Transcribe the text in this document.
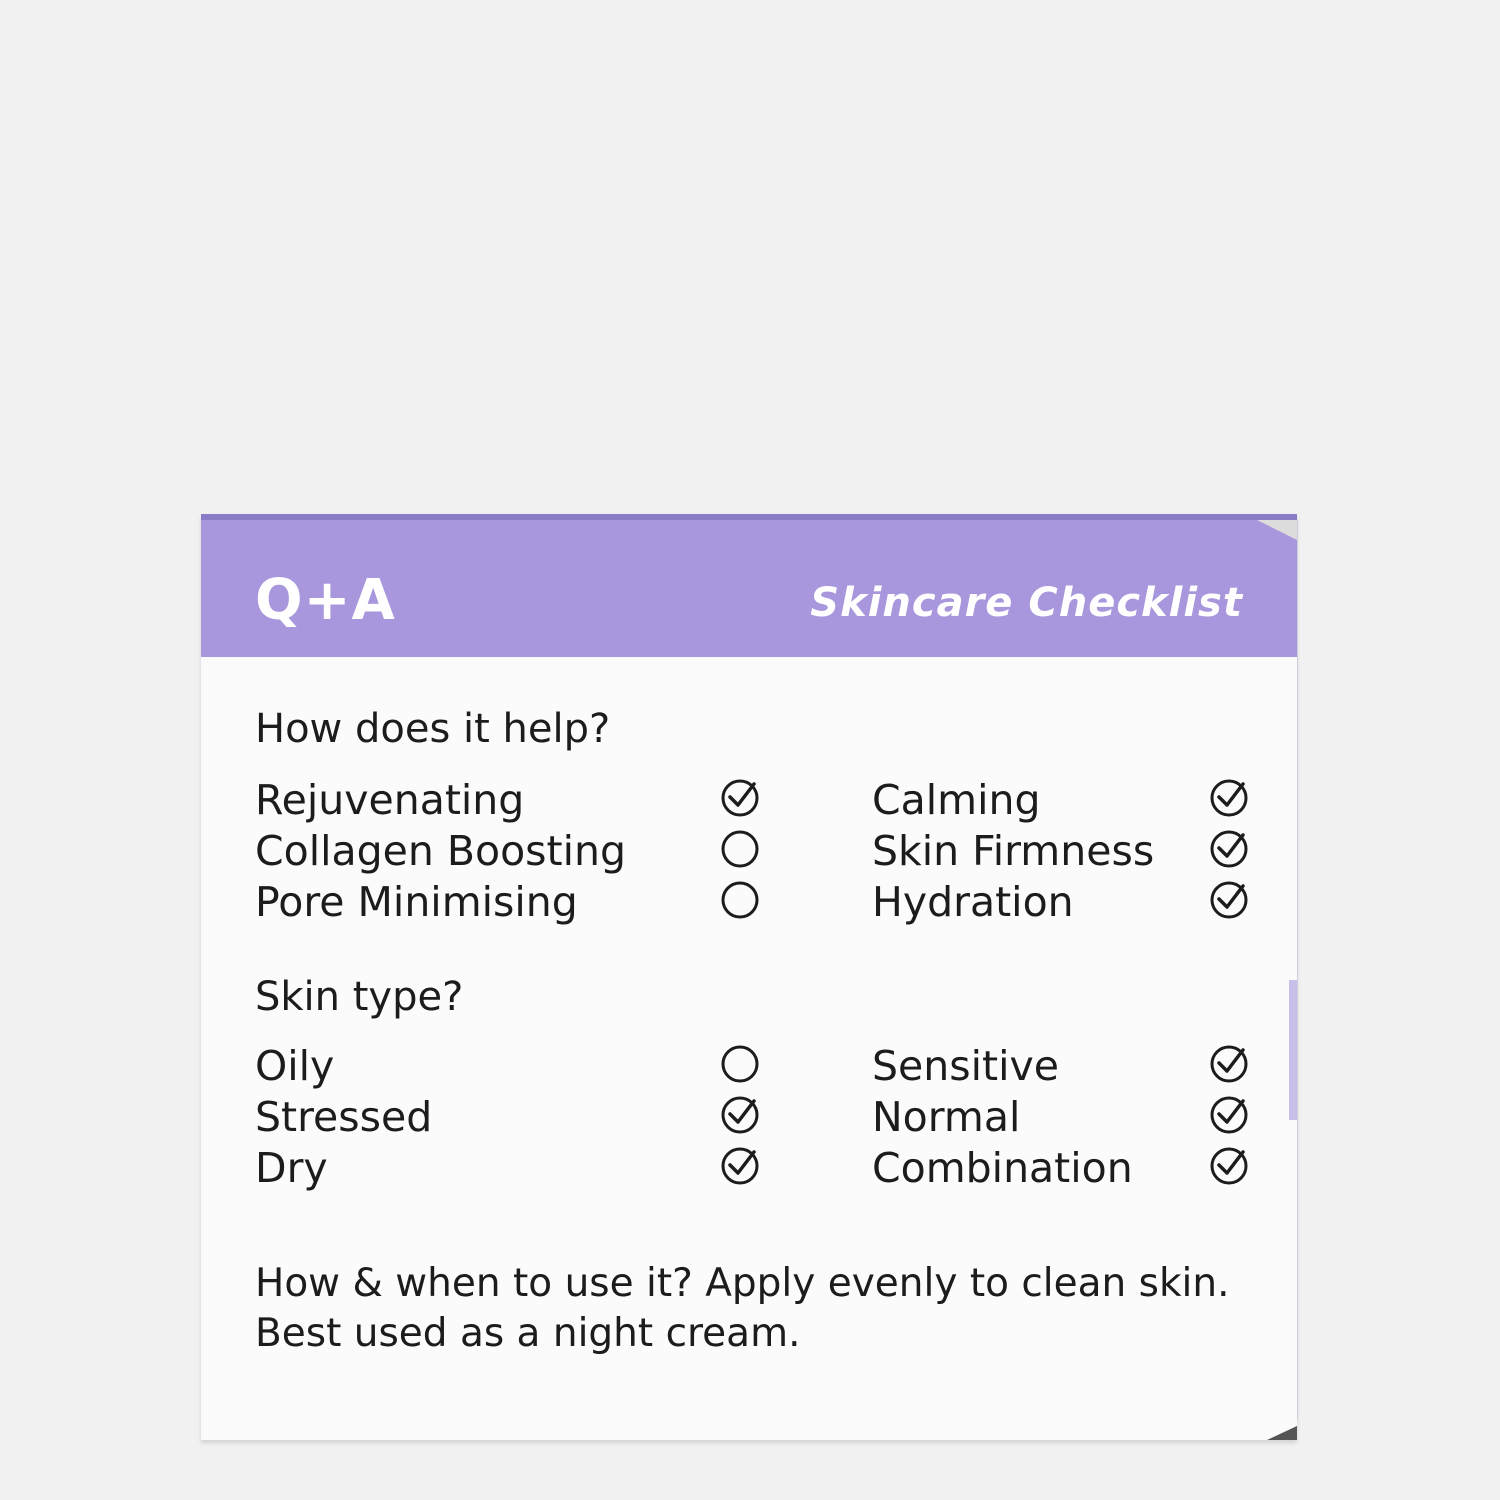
Q+A	Skincare Checklist
How does it help?
Rejuvenating
Collagen Boosting
Pore Minimising
Calming
Skin Firmness
Hydration
Skin type?
Oily
Stressed
Dry
Sensitive
Normal
Combination
How & when to use it? Apply evenly to clean skin.
Best used as a night cream.
